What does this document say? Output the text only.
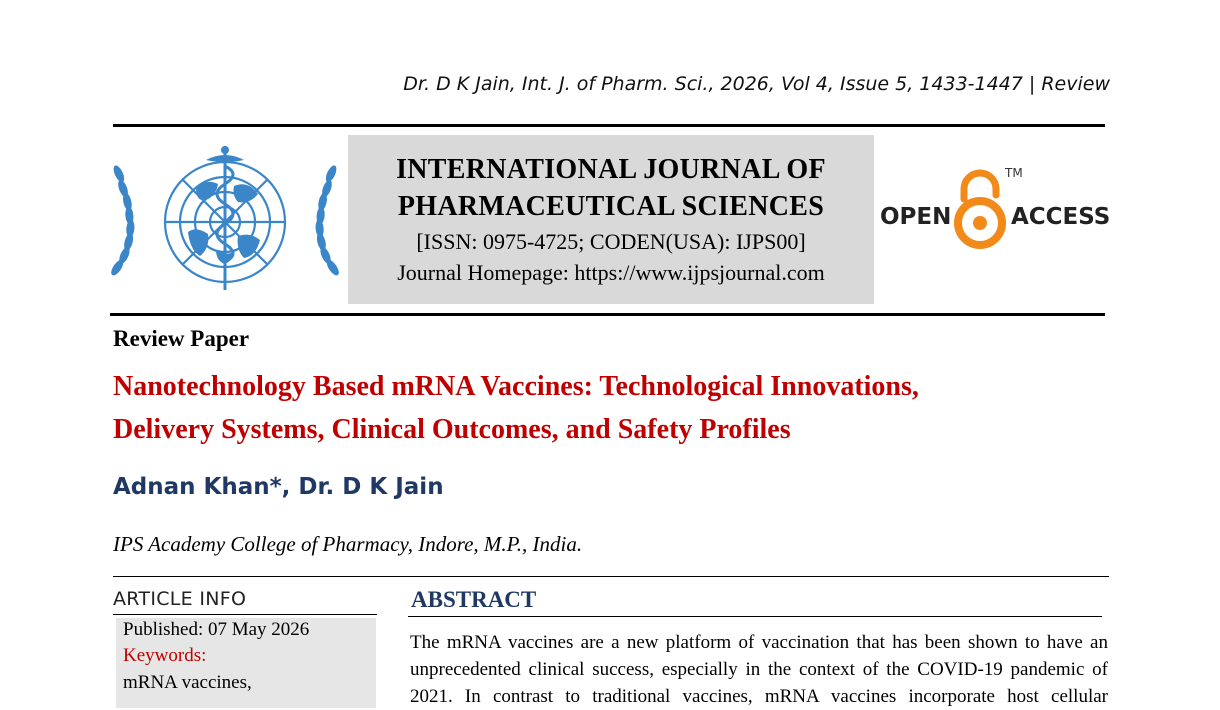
Dr. D K Jain, Int. J. of Pharm. Sci., 2026, Vol 4, Issue 5, 1433-1447 | Review
INTERNATIONAL JOURNAL OF
PHARMACEUTICAL SCIENCES
[ISSN: 0975-4725; CODEN(USA): IJPS00]
Journal Homepage: https://www.ijpsjournal.com
OPEN
TM
ACCESS
Review Paper
Nanotechnology Based mRNA Vaccines: Technological Innovations,
Delivery Systems, Clinical Outcomes, and Safety Profiles
Adnan Khan*, Dr. D K Jain
IPS Academy College of Pharmacy, Indore, M.P., India.
ARTICLE INFO
Published: 07 May 2026
Keywords:
mRNA vaccines,
ABSTRACT
The mRNA vaccines are a new platform of vaccination that has been shown to have an
unprecedented clinical success, especially in the context of the COVID-19 pandemic of
2021. In contrast to traditional vaccines, mRNA vaccines incorporate host cellular
